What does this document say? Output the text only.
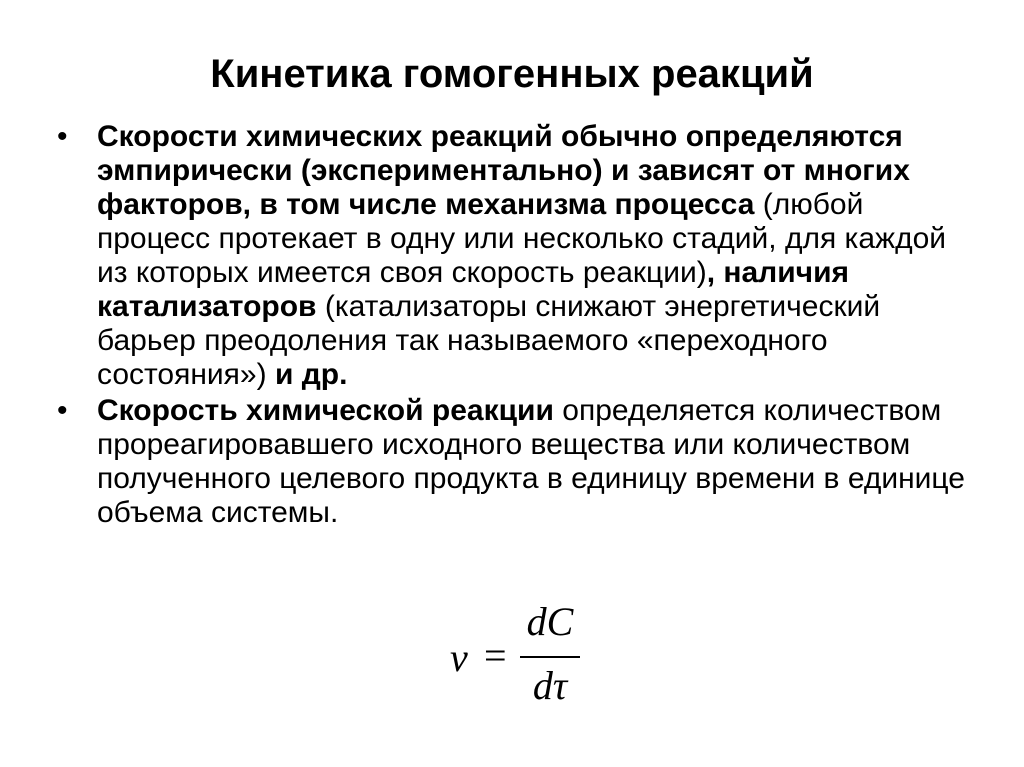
Кинетика гомогенных реакций
• Скорости химических реакций обычно определяются эмпирически (экспериментально) и зависят от многих факторов, в том числе механизма процесса (любой процесс протекает в одну или несколько стадий, для каждой из которых имеется своя скорость реакции), наличия катализаторов (катализаторы снижают энергетический барьер преодоления так называемого «переходного состояния») и др.
• Скорость химической реакции определяется количеством прореагировавшего исходного вещества или количеством полученного целевого продукта в единицу времени в единице объема системы.
v =
dC
dτ
